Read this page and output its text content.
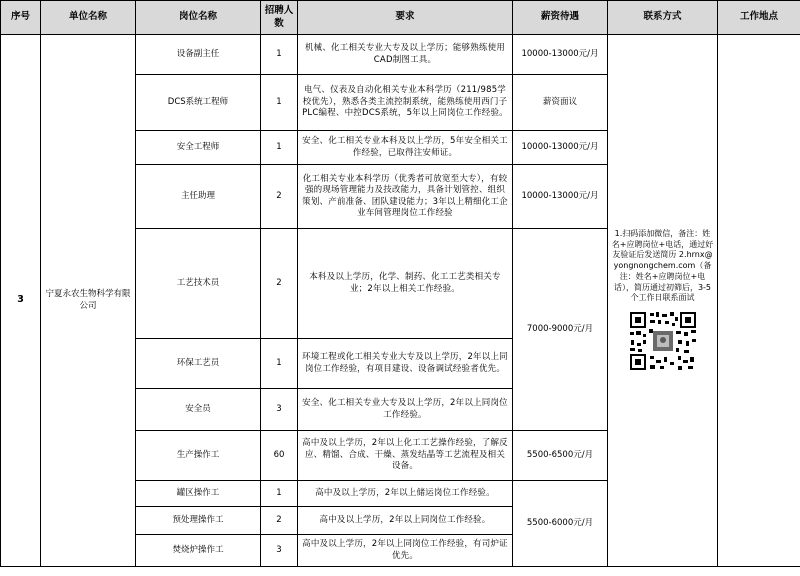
序号	单位名称	岗位名称	招聘人数	要求	薪资待遇	联系方式	工作地点
3	宁夏永农生物科学有限公司	设备副主任	1	机械、化工相关专业大专及以上学历；能够熟练使用CAD制图工具。	10000-13000元/月	1.扫码添加微信，备注：姓名+应聘岗位+电话，通过好友验证后发送简历 2.hrnx@yongnongchem.com（备注：姓名+应聘岗位+电话），简历通过初筛后，3-5个工作日联系面试	

		DCS系统工程师	1	电气、仪表及自动化相关专业本科学历（211/985学校优先），熟悉各类主流控制系统，能熟练使用西门子PLC编程、中控DCS系统，5年以上同岗位工作经验。	薪资面议		
		安全工程师	1	安全、化工相关专业本科及以上学历，5年安全相关工作经验，已取得注安师证。	10000-13000元/月		
		主任助理	2	化工相关专业本科学历（优秀者可放宽至大专），有较强的现场管理能力及技改能力，具备计划管控、组织策划、产前准备、团队建设能力；3年以上精细化工企业车间管理岗位工作经验	10000-13000元/月		
		工艺技术员	2	本科及以上学历，化学、制药、化工工艺类相关专业；2年以上相关工作经验。	7000-9000元/月		
		环保工艺员	1	环境工程或化工相关专业大专及以上学历，2年以上同岗位工作经验，有项目建设、设备调试经验者优先。			
		安全员	3	安全、化工相关专业大专及以上学历，2年以上同岗位工作经验。			
		生产操作工	60	高中及以上学历，2年以上化工工艺操作经验，了解反应、精馏、合成、干燥、蒸发结晶等工艺流程及相关设备。	5500-6500元/月		
		罐区操作工	1	高中及以上学历，2年以上储运岗位工作经验。	5500-6000元/月		
		预处理操作工	2	高中及以上学历，2年以上同岗位工作经验。			
		焚烧炉操作工	3	高中及以上学历，2年以上同岗位工作经验，有司炉证优先。			
